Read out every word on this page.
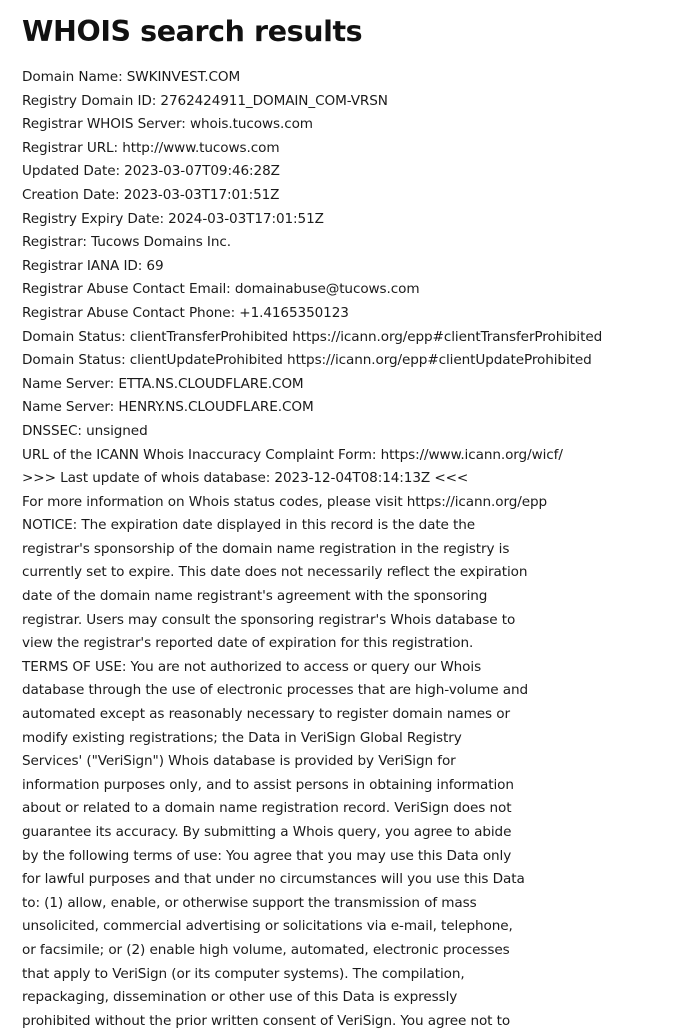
WHOIS search results
Domain Name: SWKINVEST.COM
Registry Domain ID: 2762424911_DOMAIN_COM-VRSN
Registrar WHOIS Server: whois.tucows.com
Registrar URL: http://www.tucows.com
Updated Date: 2023-03-07T09:46:28Z
Creation Date: 2023-03-03T17:01:51Z
Registry Expiry Date: 2024-03-03T17:01:51Z
Registrar: Tucows Domains Inc.
Registrar IANA ID: 69
Registrar Abuse Contact Email: domainabuse@tucows.com
Registrar Abuse Contact Phone: +1.4165350123
Domain Status: clientTransferProhibited https://icann.org/epp#clientTransferProhibited
Domain Status: clientUpdateProhibited https://icann.org/epp#clientUpdateProhibited
Name Server: ETTA.NS.CLOUDFLARE.COM
Name Server: HENRY.NS.CLOUDFLARE.COM
DNSSEC: unsigned
URL of the ICANN Whois Inaccuracy Complaint Form: https://www.icann.org/wicf/
>>> Last update of whois database: 2023-12-04T08:14:13Z <<<
For more information on Whois status codes, please visit https://icann.org/epp
NOTICE: The expiration date displayed in this record is the date the
registrar's sponsorship of the domain name registration in the registry is
currently set to expire. This date does not necessarily reflect the expiration
date of the domain name registrant's agreement with the sponsoring
registrar. Users may consult the sponsoring registrar's Whois database to
view the registrar's reported date of expiration for this registration.
TERMS OF USE: You are not authorized to access or query our Whois
database through the use of electronic processes that are high-volume and
automated except as reasonably necessary to register domain names or
modify existing registrations; the Data in VeriSign Global Registry
Services' ("VeriSign") Whois database is provided by VeriSign for
information purposes only, and to assist persons in obtaining information
about or related to a domain name registration record. VeriSign does not
guarantee its accuracy. By submitting a Whois query, you agree to abide
by the following terms of use: You agree that you may use this Data only
for lawful purposes and that under no circumstances will you use this Data
to: (1) allow, enable, or otherwise support the transmission of mass
unsolicited, commercial advertising or solicitations via e-mail, telephone,
or facsimile; or (2) enable high volume, automated, electronic processes
that apply to VeriSign (or its computer systems). The compilation,
repackaging, dissemination or other use of this Data is expressly
prohibited without the prior written consent of VeriSign. You agree not to
